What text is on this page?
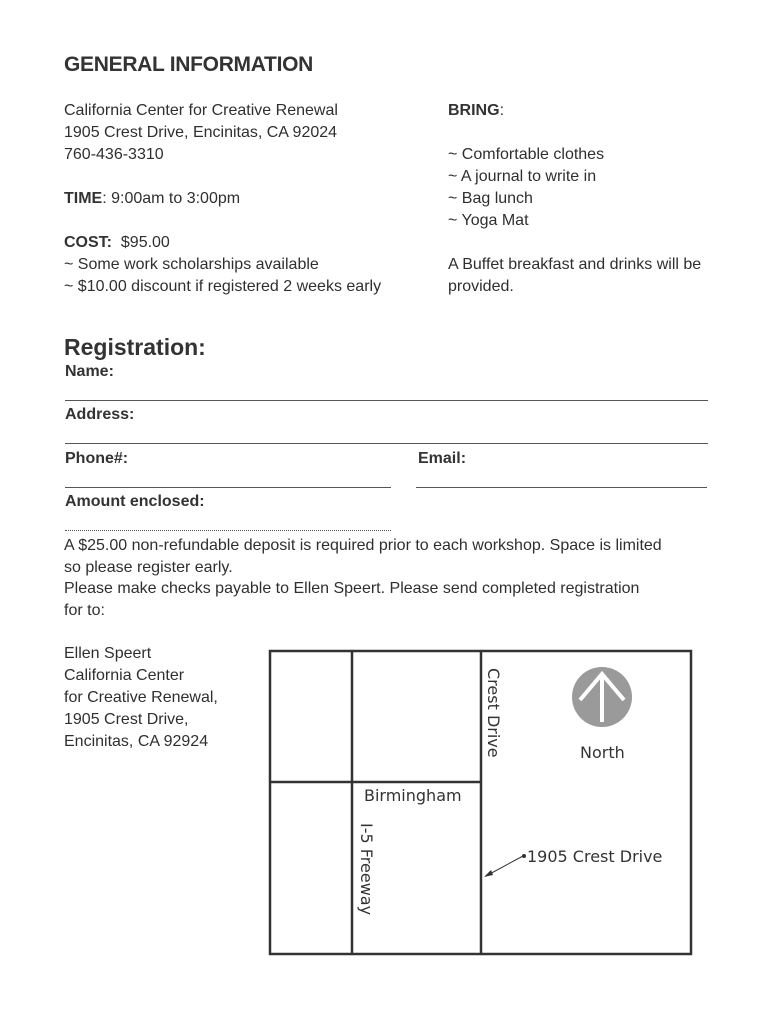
GENERAL INFORMATION
California Center for Creative Renewal
1905 Crest Drive, Encinitas, CA 92024
760-436-3310
TIME: 9:00am to 3:00pm
COST:  $95.00
~ Some work scholarships available
~ $10.00 discount if registered 2 weeks early
BRING:
~ Comfortable clothes
~ A journal to write in
~ Bag lunch
~ Yoga Mat
A Buffet breakfast and drinks will be
provided.
Registration:
Name:
Address:
Phone#:	Email:
Amount enclosed:
A $25.00 non-refundable deposit is required prior to each workshop. Space is limited
so please register early.
Please make checks payable to Ellen Speert. Please send completed registration
for to:
Ellen Speert
California Center
for Creative Renewal,
1905 Crest Drive,
Encinitas, CA 92924	Crest Drive
Birmingham
I-5 Freeway
North
1905 Crest Drive
